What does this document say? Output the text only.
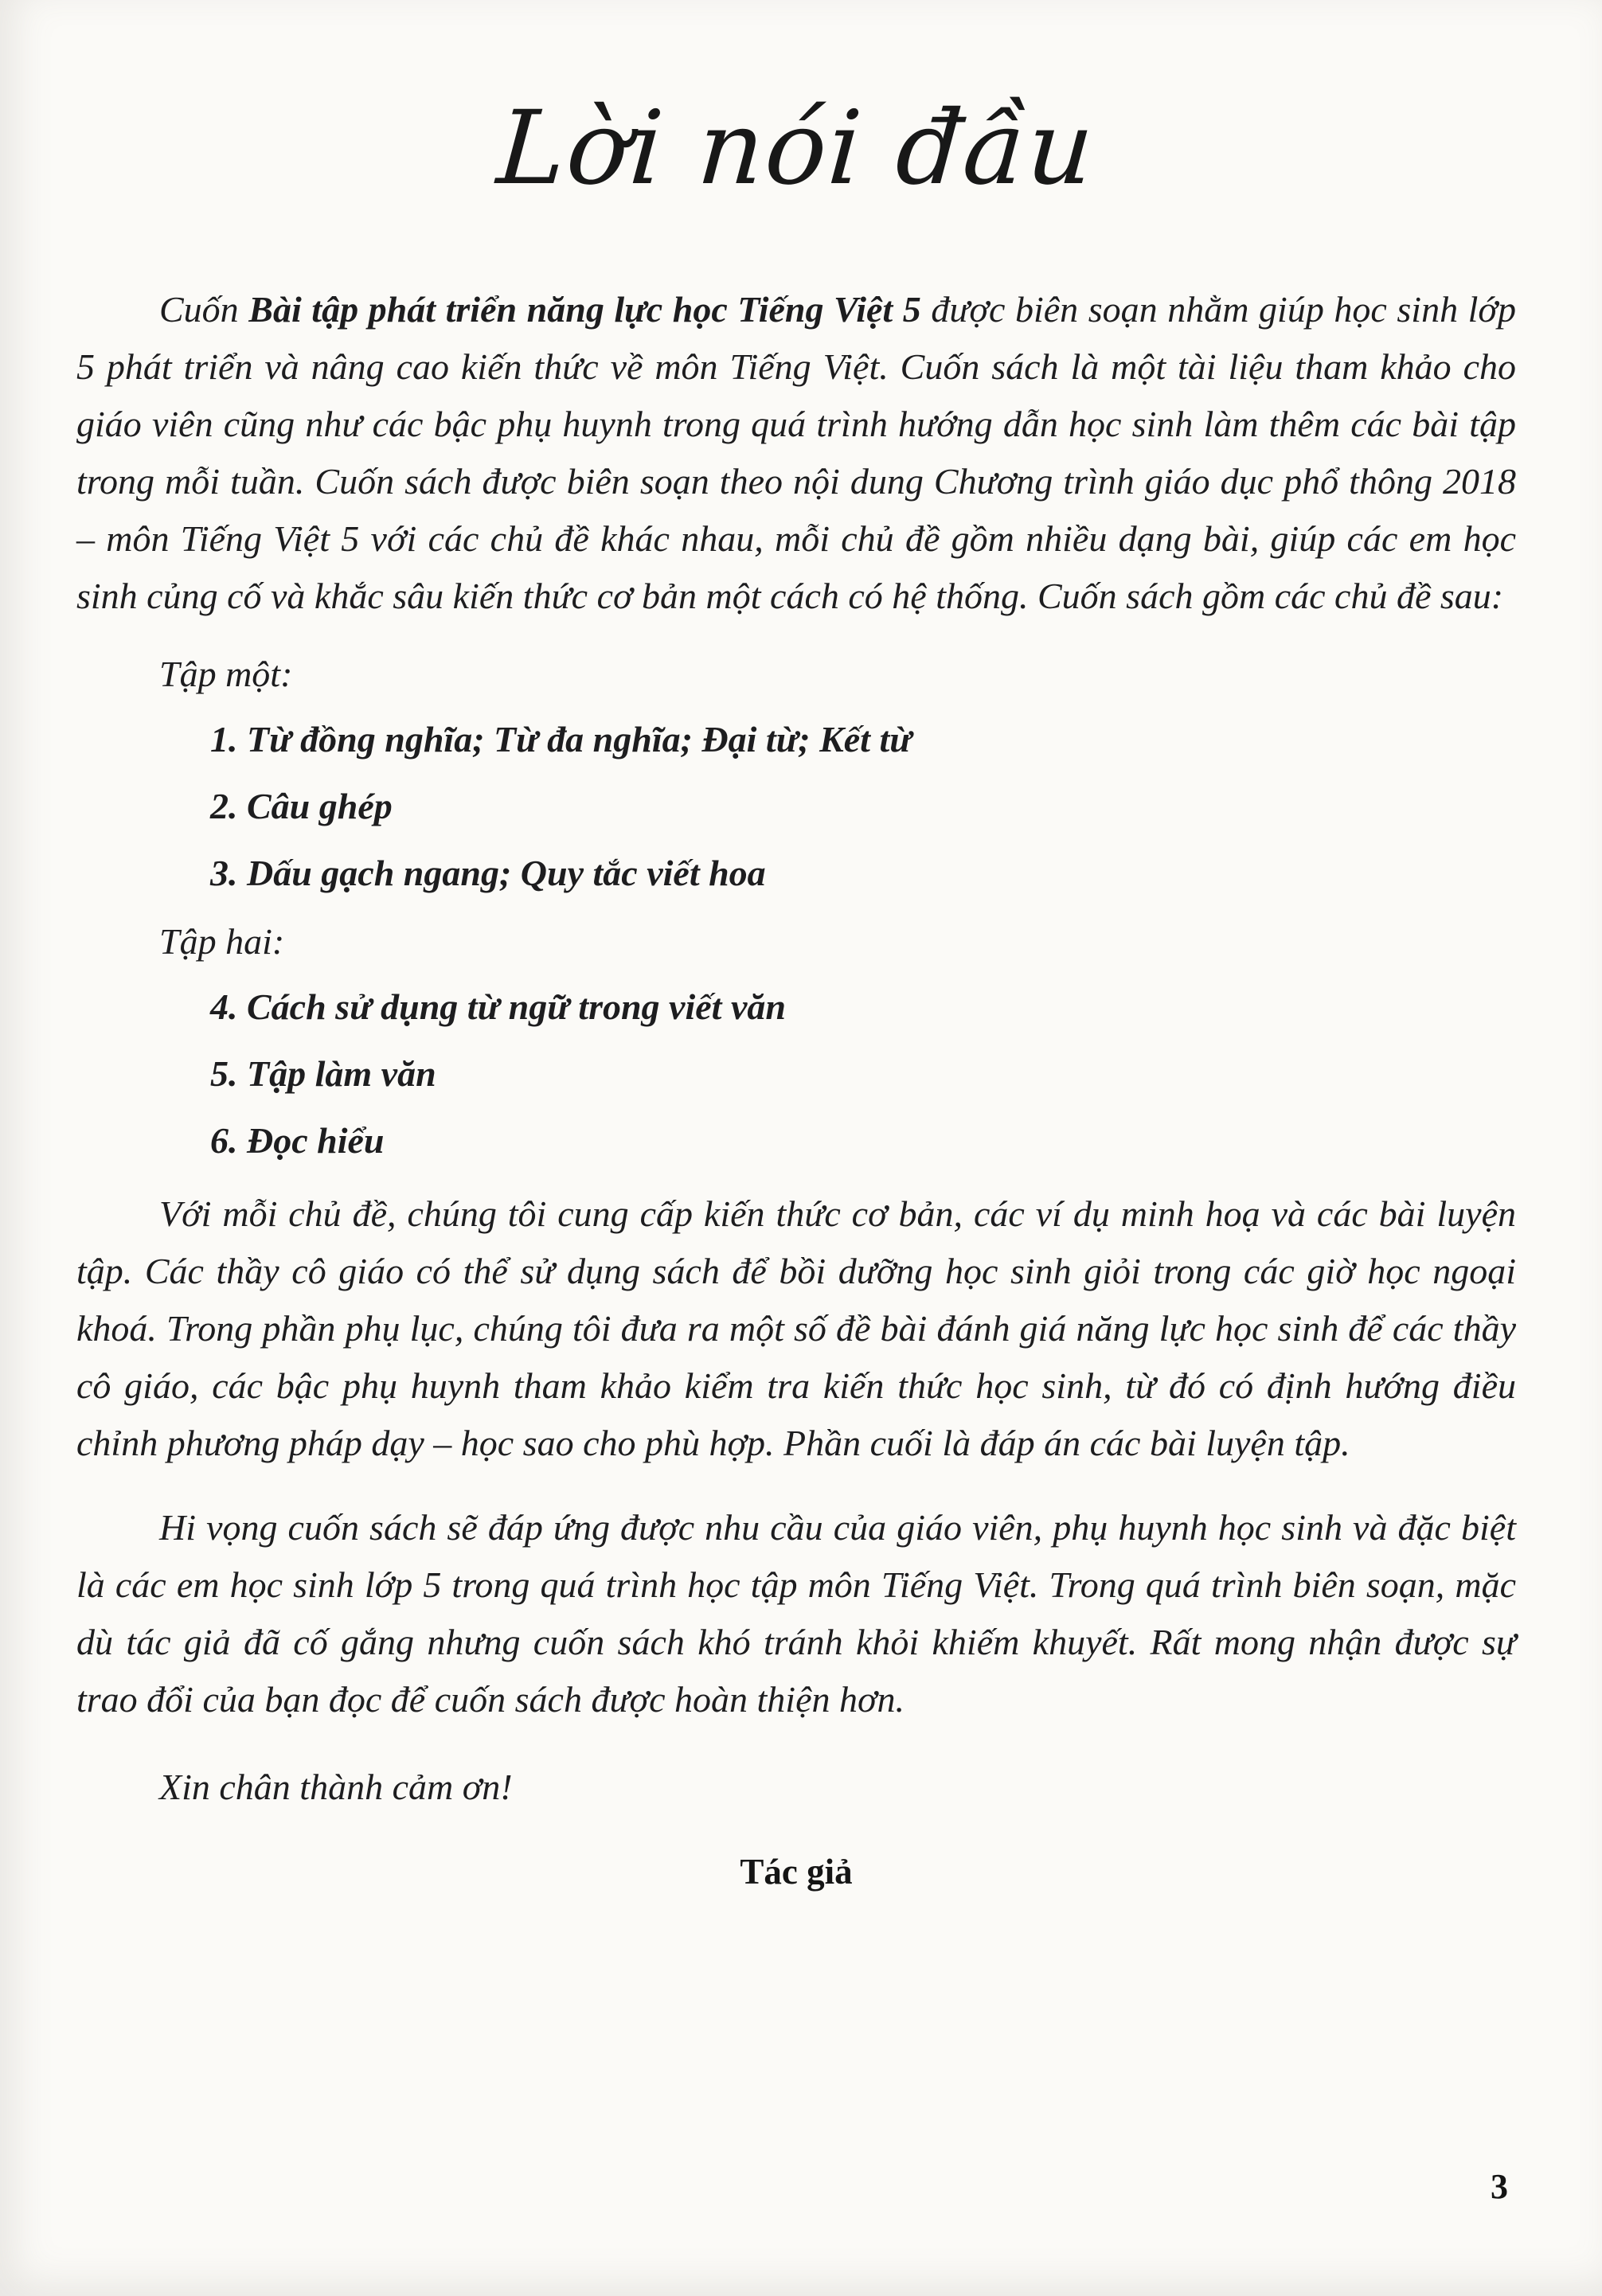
Lời nói đầu

Cuốn Bài tập phát triển năng lực học Tiếng Việt 5 được biên soạn nhằm giúp học sinh lớp 5 phát triển và nâng cao kiến thức về môn Tiếng Việt. Cuốn sách là một tài liệu tham khảo cho giáo viên cũng như các bậc phụ huynh trong quá trình hướng dẫn học sinh làm thêm các bài tập trong mỗi tuần. Cuốn sách được biên soạn theo nội dung Chương trình giáo dục phổ thông 2018 – môn Tiếng Việt 5 với các chủ đề khác nhau, mỗi chủ đề gồm nhiều dạng bài, giúp các em học sinh củng cố và khắc sâu kiến thức cơ bản một cách có hệ thống. Cuốn sách gồm các chủ đề sau:

Tập một:
1. Từ đồng nghĩa; Từ đa nghĩa; Đại từ; Kết từ
2. Câu ghép
3. Dấu gạch ngang; Quy tắc viết hoa
Tập hai:
4. Cách sử dụng từ ngữ trong viết văn
5. Tập làm văn
6. Đọc hiểu

Với mỗi chủ đề, chúng tôi cung cấp kiến thức cơ bản, các ví dụ minh hoạ và các bài luyện tập. Các thầy cô giáo có thể sử dụng sách để bồi dưỡng học sinh giỏi trong các giờ học ngoại khoá. Trong phần phụ lục, chúng tôi đưa ra một số đề bài đánh giá năng lực học sinh để các thầy cô giáo, các bậc phụ huynh tham khảo kiểm tra kiến thức học sinh, từ đó có định hướng điều chỉnh phương pháp dạy – học sao cho phù hợp. Phần cuối là đáp án các bài luyện tập.

Hi vọng cuốn sách sẽ đáp ứng được nhu cầu của giáo viên, phụ huynh học sinh và đặc biệt là các em học sinh lớp 5 trong quá trình học tập môn Tiếng Việt. Trong quá trình biên soạn, mặc dù tác giả đã cố gắng nhưng cuốn sách khó tránh khỏi khiếm khuyết. Rất mong nhận được sự trao đổi của bạn đọc để cuốn sách được hoàn thiện hơn.

Xin chân thành cảm ơn!
Tác giả
3
